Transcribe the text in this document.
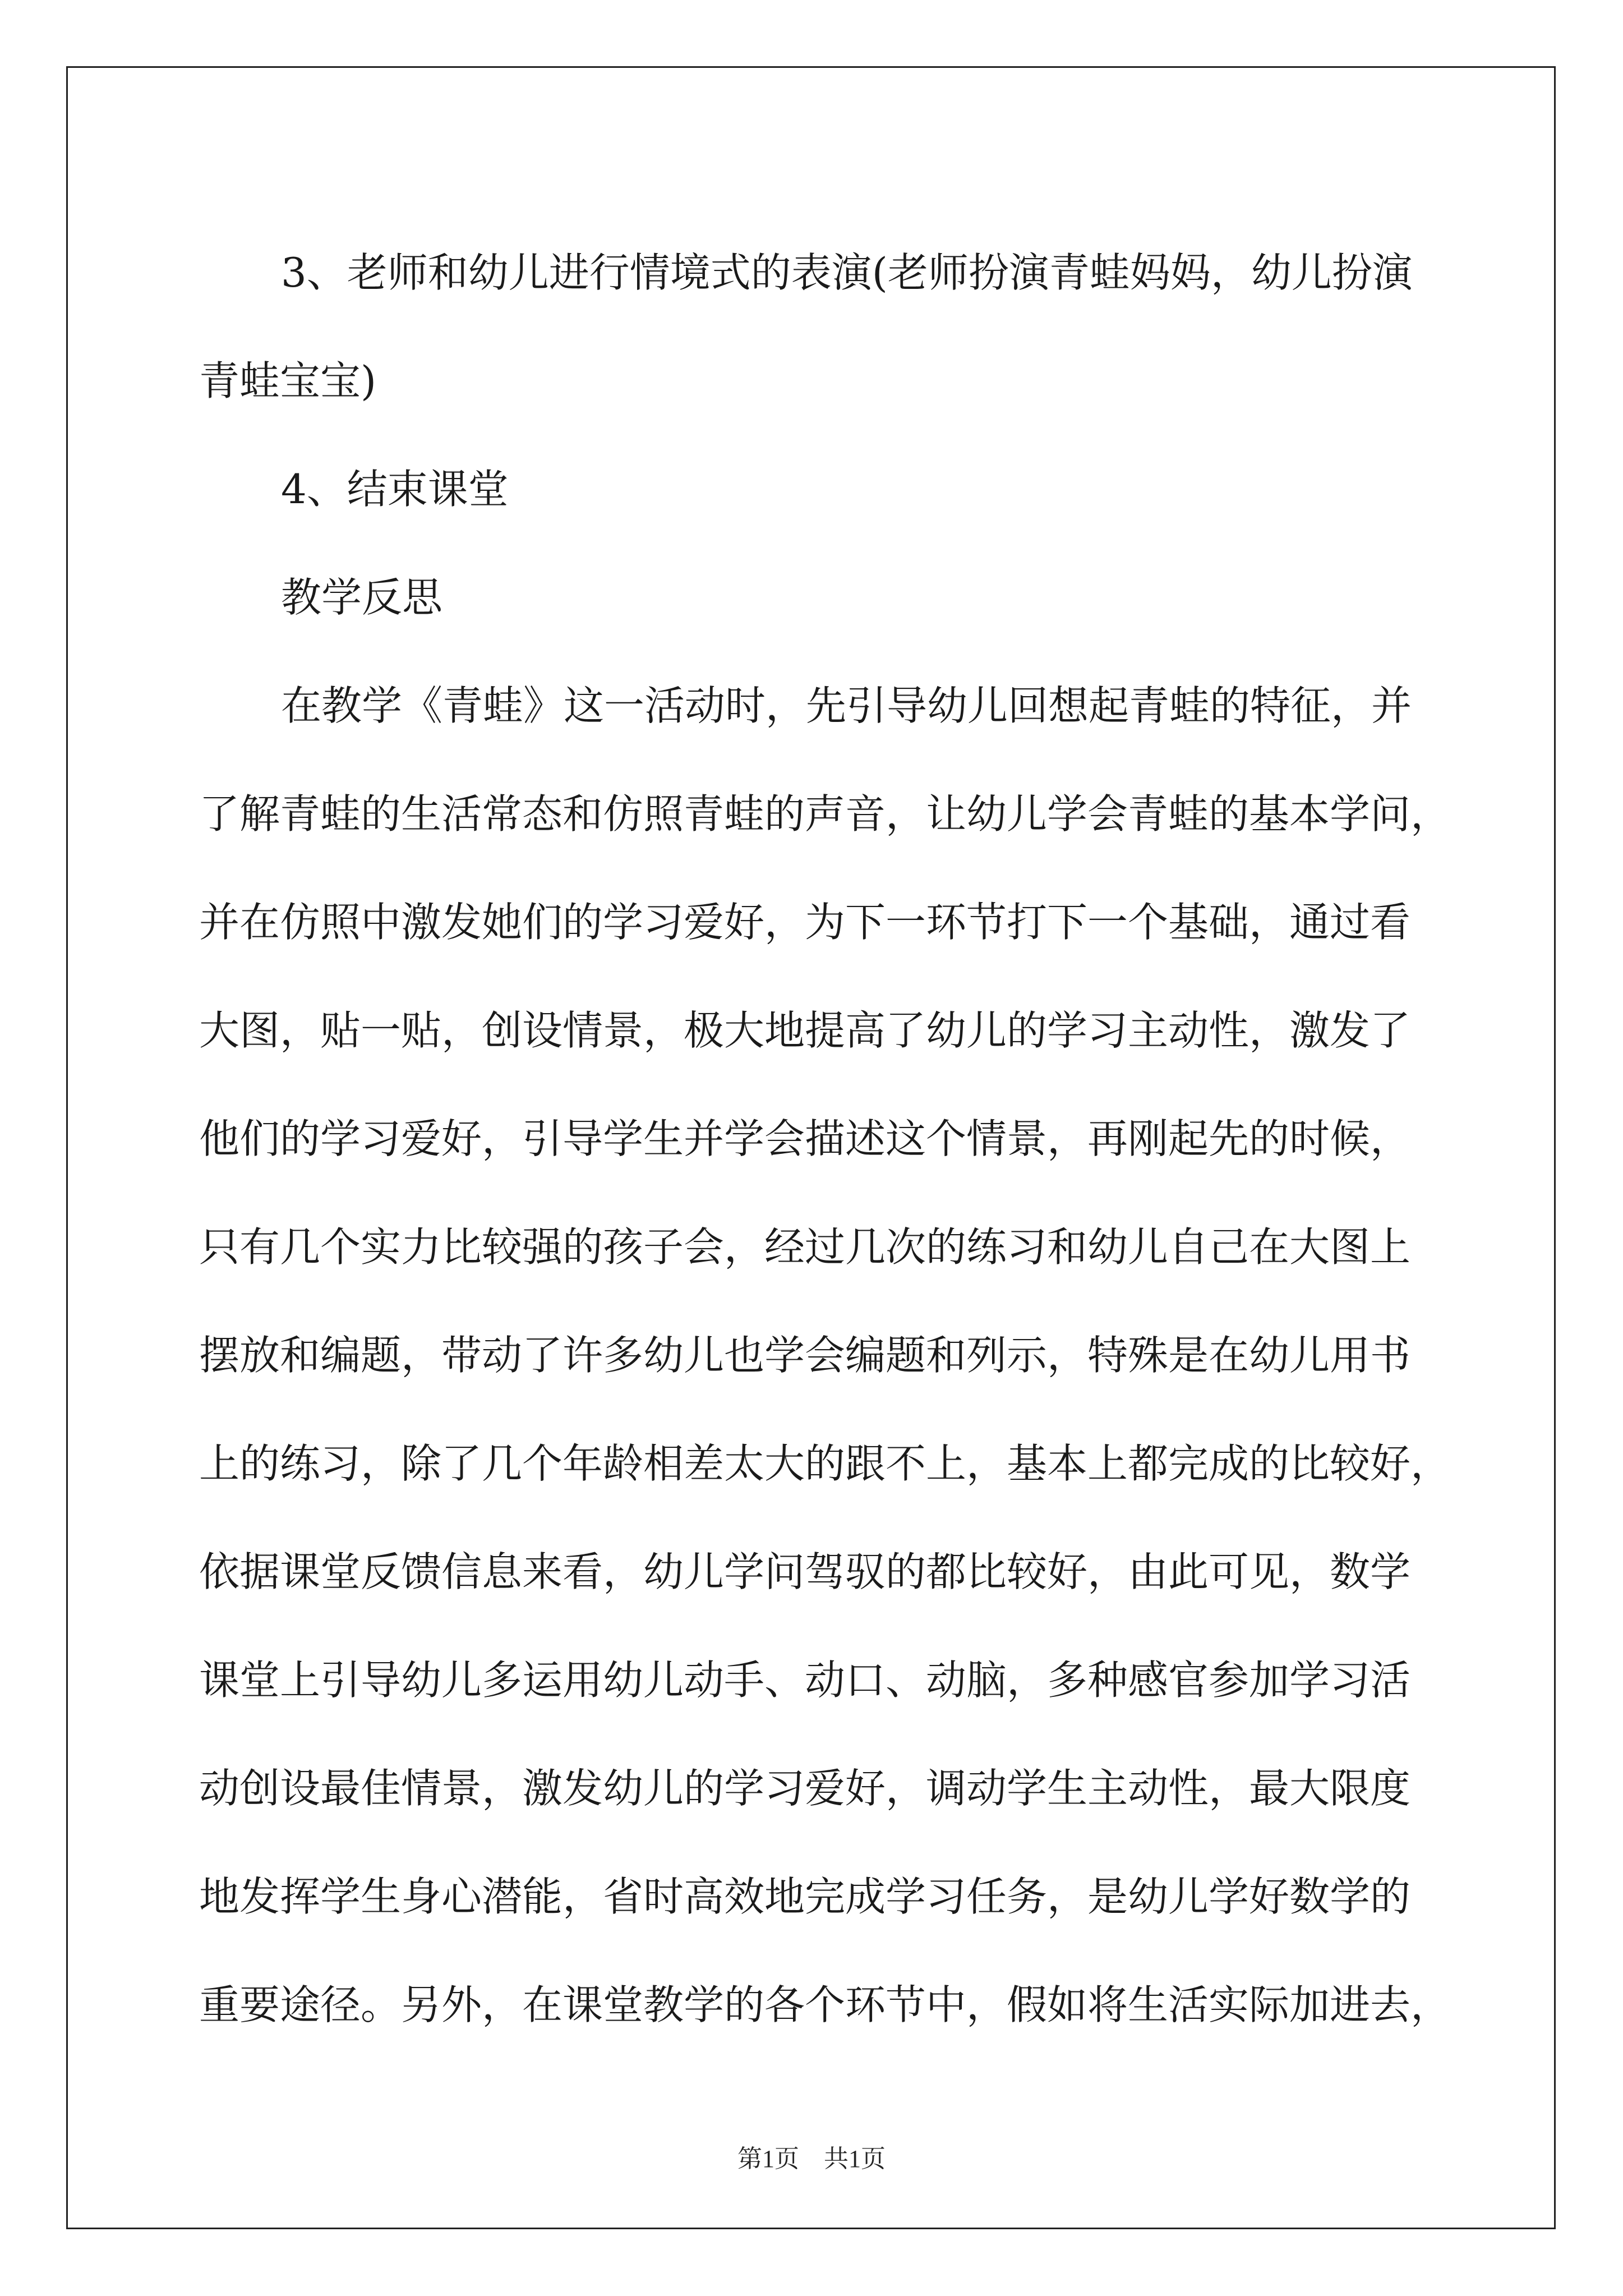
3、老师和幼儿进行情境式的表演(老师扮演青蛙妈妈，幼儿扮演
青蛙宝宝)
4、结束课堂
教学反思
在教学《青蛙》这一活动时，先引导幼儿回想起青蛙的特征，并
了解青蛙的生活常态和仿照青蛙的声音，让幼儿学会青蛙的基本学问，
并在仿照中激发她们的学习爱好，为下一环节打下一个基础，通过看
大图，贴一贴，创设情景，极大地提高了幼儿的学习主动性，激发了
他们的学习爱好，引导学生并学会描述这个情景，再刚起先的时候，
只有几个实力比较强的孩子会，经过几次的练习和幼儿自己在大图上
摆放和编题，带动了许多幼儿也学会编题和列示，特殊是在幼儿用书
上的练习，除了几个年龄相差太大的跟不上，基本上都完成的比较好，
依据课堂反馈信息来看，幼儿学问驾驭的都比较好，由此可见，数学
课堂上引导幼儿多运用幼儿动手、动口、动脑，多种感官参加学习活
动创设最佳情景，激发幼儿的学习爱好，调动学生主动性，最大限度
地发挥学生身心潜能，省时高效地完成学习任务，是幼儿学好数学的
重要途径。另外，在课堂教学的各个环节中，假如将生活实际加进去，
第1页　共1页
